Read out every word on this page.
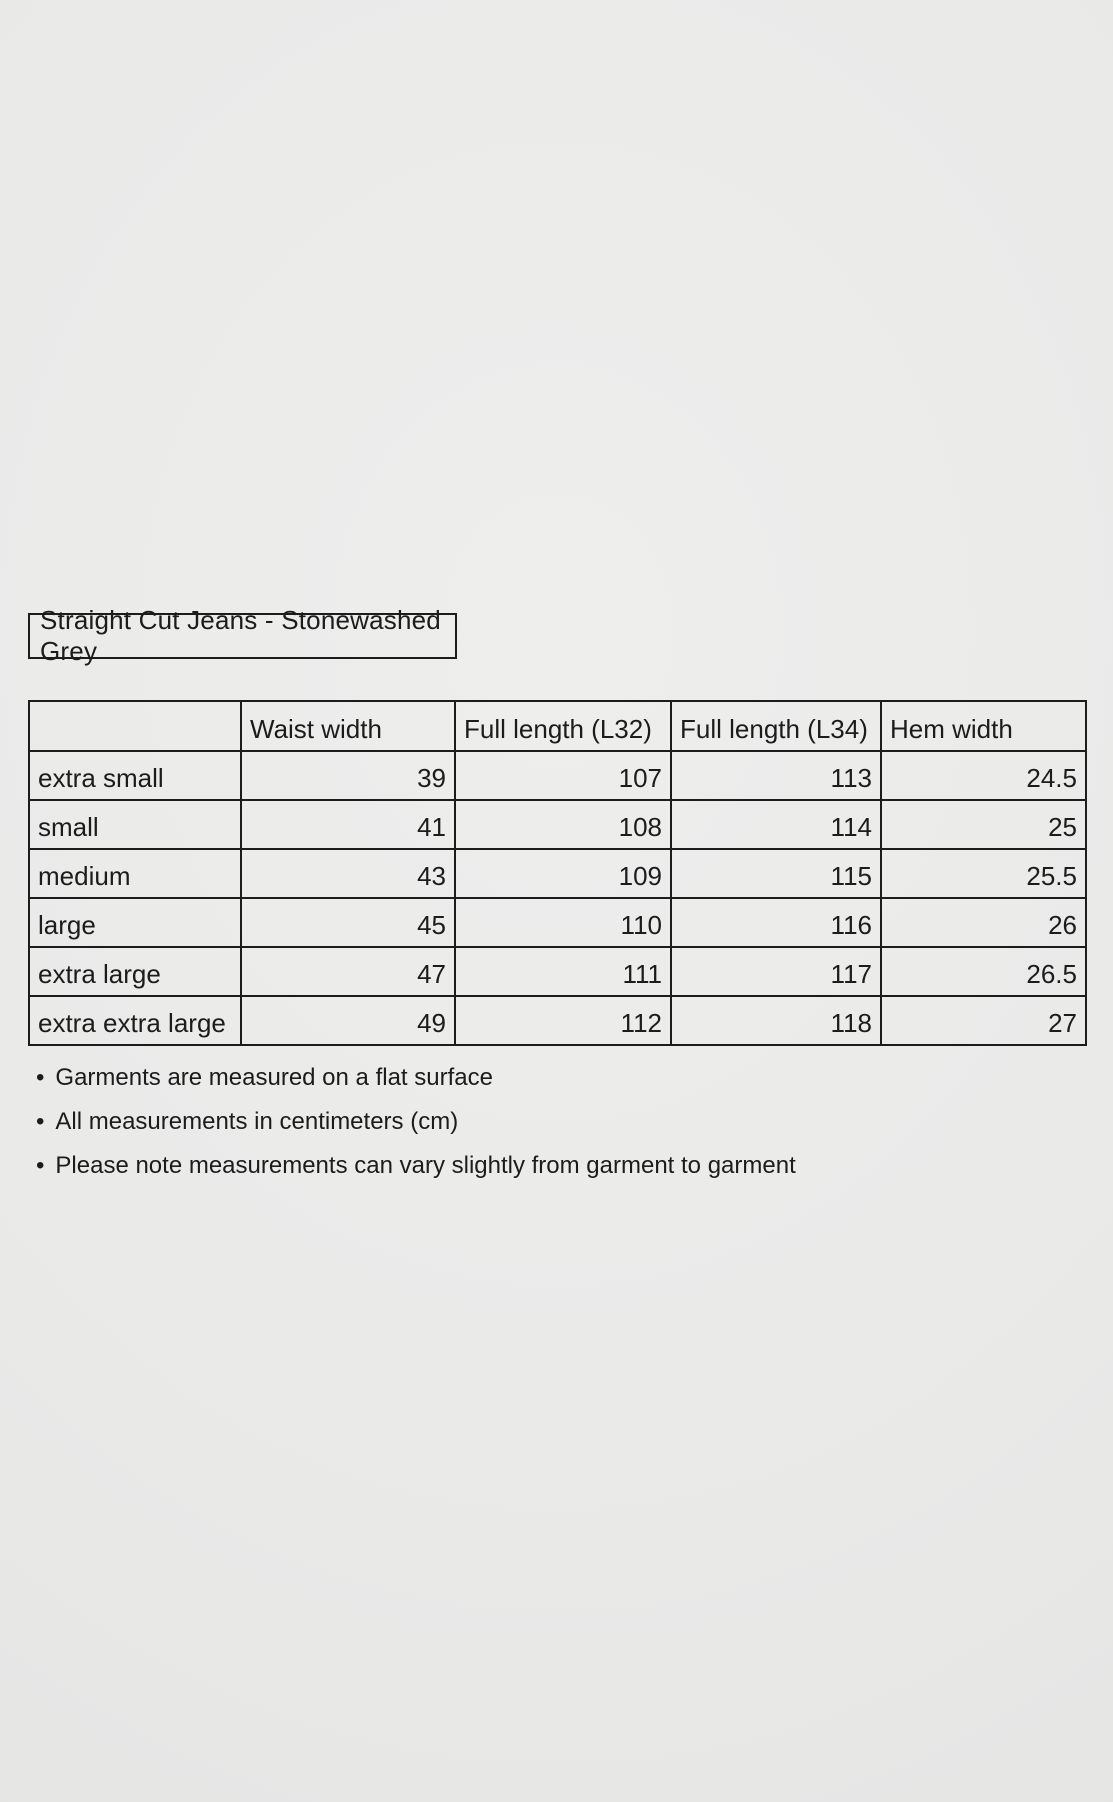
Straight Cut Jeans - Stonewashed Grey
	Waist width	Full length (L32)	Full length (L34)	Hem width
extra small	39	107	113	24.5
small	41	108	114	25
medium	43	109	115	25.5
large	45	110	116	26
extra large	47	111	117	26.5
extra extra large	49	112	118	27
• Garments are measured on a flat surface
• All measurements in centimeters (cm)
• Please note measurements can vary slightly from garment to garment
